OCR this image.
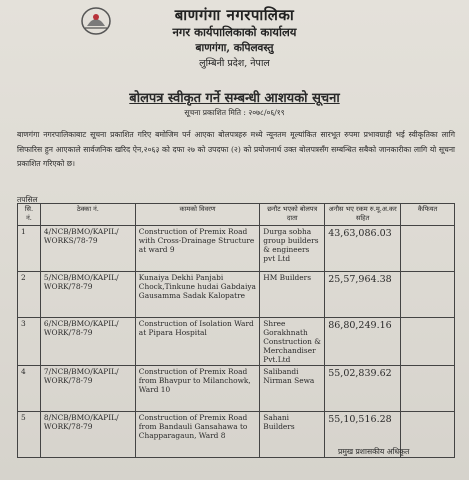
बाणगंगा नगरपालिका
नगर कार्यपालिकाको कार्यालय
बाणगंगा, कपिलवस्तु
लुम्बिनी प्रदेश, नेपाल
बोलपत्र स्वीकृत गर्ने सम्बन्धी आशयको सूचना
सूचना प्रकाशित मिति : २०७८/०६/१९
बाणगंगा नगरपालिकाबाट सूचना प्रकाशित गरिए बमोजिम पर्न आएका बोलपत्रहरु मध्ये न्यूनतम मूल्यांकित सारभूत रुपमा प्रभावग्राही भई स्वीकृतिका लागि सिफारिस हुन आएकाले सार्वजनिक खरिद ऐन,२०६३ को दफा २७ को उपदफा (२) को प्रयोजनार्थ उक्त बोलपत्रसँग सम्बन्धित सबैको जानकारीका लागि यो सूचना प्रकाशित गरिएको छ।
तपसिल
सि. नं.	ठेक्का नं.	कामको विवरण	छनौट भएको बोलपत्र दाता	अनौस भए रकम रु.मू.अ.कर सहित	कैफियत
1	4/NCB/BMO/KAPIL/ WORKS/78-79	Construction of Premix Road with Cross-Drainage Structure at ward 9	Durga sobha group builders & engineers pvt Ltd	43,63,086.03	
2	5/NCB/BMO/KAPIL/ WORK/78-79	Kunaiya Dekhi Panjabi Chock,Tinkune hudai Gabdaiya Gausamma Sadak Kalopatre	HM Builders	25,57,964.38	
3	6/NCB/BMO/KAPIL/ WORK/78-79	Construction of Isolation Ward at Pipara Hospital	Shree Gorakhnath Construction & Merchandiser Pvt.Ltd	86,80,249.16	
4	7/NCB/BMO/KAPIL/ WORK/78-79	Construction of Premix Road from Bhavpur to Milanchowk, Ward 10	Salibandi Nirman Sewa	55,02,839.62	
5	8/NCB/BMO/KAPIL/ WORK/78-79	Construction of Premix Road from Bandauli Gansahawa to Chapparagaun, Ward 8	Sahani Builders	55,10,516.28	
प्रमुख प्रशासकीय अधिकृत
